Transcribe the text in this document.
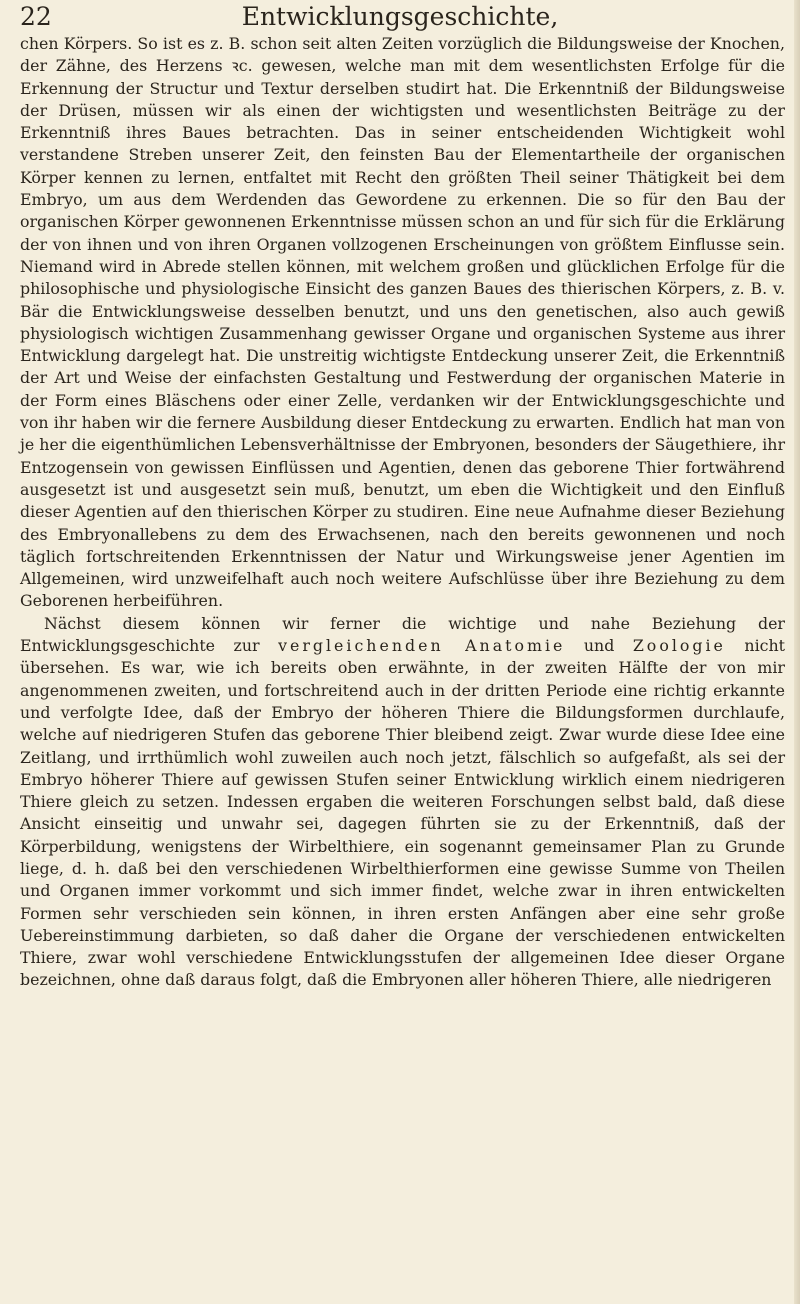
22	Entwicklungsgeschichte,

chen Körpers. So ist es z. B. schon seit alten Zeiten vorzüglich die Bildungsweise der Knochen, der Zähne, des Herzens ꝛc. gewesen, welche man mit dem wesentlichsten Erfolge für die Erkennung der Structur und Textur derselben studirt hat. Die Erkenntniß der Bildungsweise der Drüsen, müssen wir als einen der wichtigsten und wesentlichsten Beiträge zu der Erkenntniß ihres Baues betrachten. Das in seiner entscheidenden Wichtigkeit wohl verstandene Streben unserer Zeit, den feinsten Bau der Elementartheile der organischen Körper kennen zu lernen, entfaltet mit Recht den größten Theil seiner Thätigkeit bei dem Embryo, um aus dem Werdenden das Gewordene zu erkennen. Die so für den Bau der organischen Körper gewonnenen Erkenntnisse müssen schon an und für sich für die Erklärung der von ihnen und von ihren Organen vollzogenen Erscheinungen von größtem Einflusse sein. Niemand wird in Abrede stellen können, mit welchem großen und glücklichen Erfolge für die philosophische und physiologische Einsicht des ganzen Baues des thierischen Körpers, z. B. v. Bär die Entwicklungsweise desselben benutzt, und uns den genetischen, also auch gewiß physiologisch wichtigen Zusammenhang gewisser Organe und organischen Systeme aus ihrer Entwicklung dargelegt hat. Die unstreitig wichtigste Entdeckung unserer Zeit, die Erkenntniß der Art und Weise der einfachsten Gestaltung und Festwerdung der organischen Materie in der Form eines Bläschens oder einer Zelle, verdanken wir der Entwicklungsgeschichte und von ihr haben wir die fernere Ausbildung dieser Entdeckung zu erwarten. Endlich hat man von je her die eigenthümlichen Lebensverhältnisse der Embryonen, besonders der Säugethiere, ihr Entzogensein von gewissen Einflüssen und Agentien, denen das geborene Thier fortwährend ausgesetzt ist und ausgesetzt sein muß, benutzt, um eben die Wichtigkeit und den Einfluß dieser Agentien auf den thierischen Körper zu studiren. Eine neue Aufnahme dieser Beziehung des Embryonallebens zu dem des Erwachsenen, nach den bereits gewonnenen und noch täglich fortschreitenden Erkenntnissen der Natur und Wirkungsweise jener Agentien im Allgemeinen, wird unzweifelhaft auch noch weitere Aufschlüsse über ihre Beziehung zu dem Geborenen herbeiführen.

Nächst diesem können wir ferner die wichtige und nahe Beziehung der Entwicklungsgeschichte zur vergleichenden Anatomie und Zoologie nicht übersehen. Es war, wie ich bereits oben erwähnte, in der zweiten Hälfte der von mir angenommenen zweiten, und fortschreitend auch in der dritten Periode eine richtig erkannte und verfolgte Idee, daß der Embryo der höheren Thiere die Bildungsformen durchlaufe, welche auf niedrigeren Stufen das geborene Thier bleibend zeigt. Zwar wurde diese Idee eine Zeitlang, und irrthümlich wohl zuweilen auch noch jetzt, fälschlich so aufgefaßt, als sei der Embryo höherer Thiere auf gewissen Stufen seiner Entwicklung wirklich einem niedrigeren Thiere gleich zu setzen. Indessen ergaben die weiteren Forschungen selbst bald, daß diese Ansicht einseitig und unwahr sei, dagegen führten sie zu der Erkenntniß, daß der Körperbildung, wenigstens der Wirbelthiere, ein sogenannt gemeinsamer Plan zu Grunde liege, d. h. daß bei den verschiedenen Wirbelthierformen eine gewisse Summe von Theilen und Organen immer vorkommt und sich immer findet, welche zwar in ihren entwickelten Formen sehr verschieden sein können, in ihren ersten Anfängen aber eine sehr große Uebereinstimmung darbieten, so daß daher die Organe der verschiedenen entwickelten Thiere, zwar wohl verschiedene Entwicklungsstufen der allgemeinen Idee dieser Organe bezeichnen, ohne daß daraus folgt, daß die Embryonen aller höheren Thiere, alle niedrigeren
